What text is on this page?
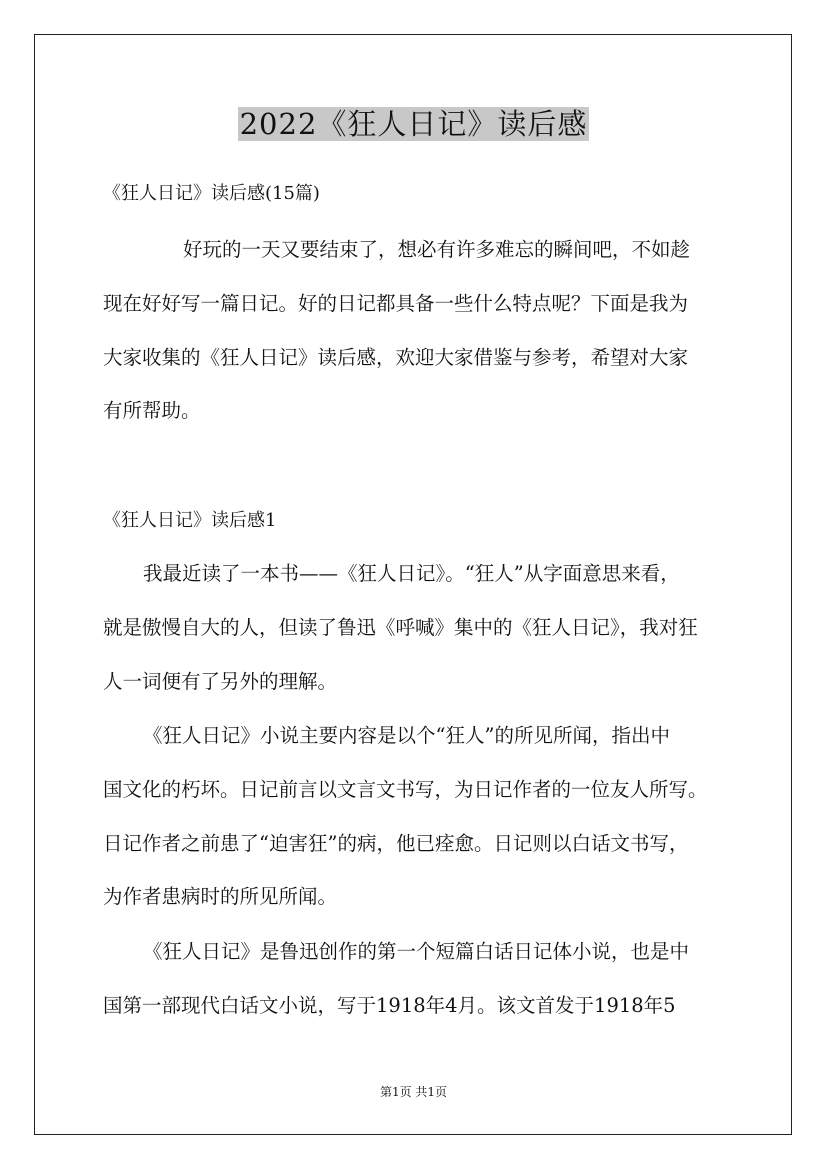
2022《狂人日记》读后感
《狂人日记》读后感(15篇)
好玩的一天又要结束了，想必有许多难忘的瞬间吧，不如趁
现在好好写一篇日记。好的日记都具备一些什么特点呢？下面是我为
大家收集的《狂人日记》读后感，欢迎大家借鉴与参考，希望对大家
有所帮助。
《狂人日记》读后感1
我最近读了一本书——《狂人日记》。“狂人”从字面意思来看，
就是傲慢自大的人，但读了鲁迅《呼喊》集中的《狂人日记》，我对狂
人一词便有了另外的理解。
《狂人日记》小说主要内容是以个“狂人”的所见所闻，指出中
国文化的朽坏。日记前言以文言文书写，为日记作者的一位友人所写。
日记作者之前患了“迫害狂”的病，他已痊愈。日记则以白话文书写，
为作者患病时的所见所闻。
《狂人日记》是鲁迅创作的第一个短篇白话日记体小说，也是中
国第一部现代白话文小说，写于1918年4月。该文首发于1918年5
第1页 共1页
